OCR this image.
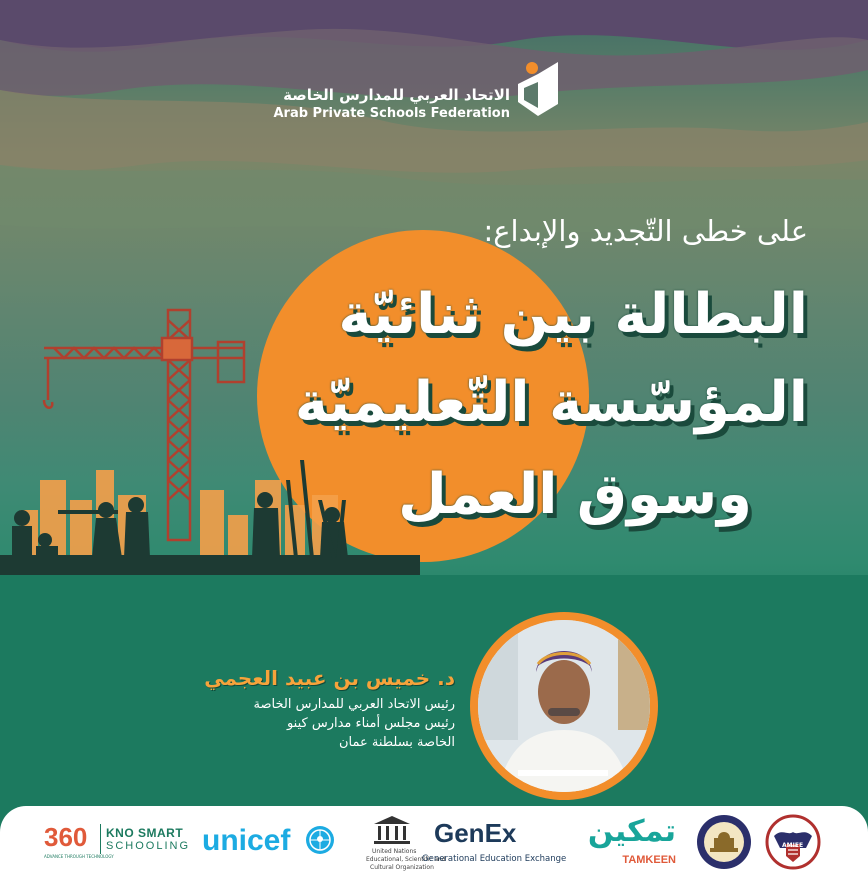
الاتحاد العربي للمدارس الخاصة
Arab Private Schools Federation
على خطى التّجديد والإبداع:
البطالة بين ثنائيّة
المؤسّسة التّعليميّة
وسوق العمل
د. خميس بن عبيد العجمي
رئيس الاتحاد العربي للمدارس الخاصة
رئيس مجلس أمناء مدارس كينو
الخاصة بسلطنة عمان
360
ADVANCE THROUGH TECHNOLOGY
KNO SMART
SCHOOLING unicef	United Nations
Educational, Scientific and
Cultural Organization
GenEx
Generational Education Exchange
تمكين
TAMKEEN
AMIEE
